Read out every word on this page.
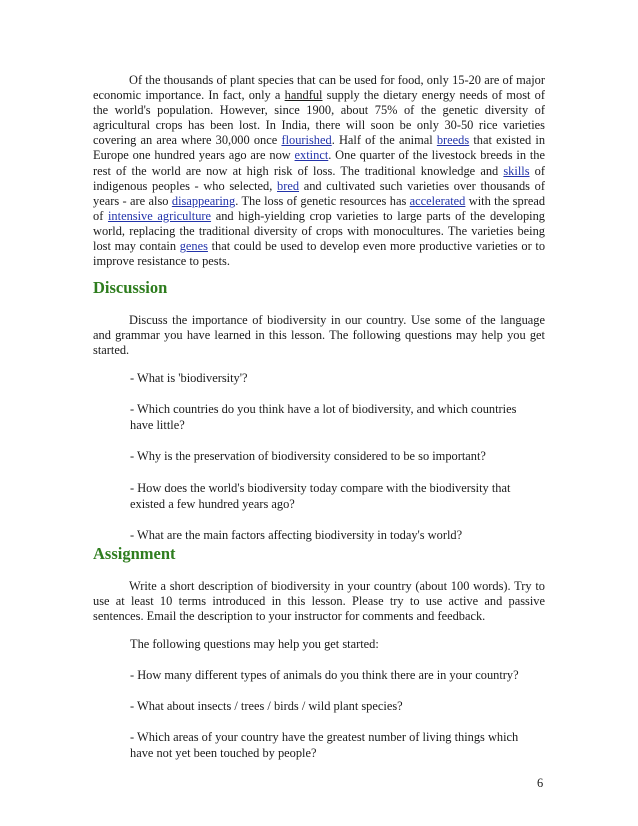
Of the thousands of plant species that can be used for food, only 15-20 are of major economic importance. In fact, only a handful supply the dietary energy needs of most of the world's population. However, since 1900, about 75% of the genetic diversity of agricultural crops has been lost. In India, there will soon be only 30-50 rice varieties covering an area where 30,000 once flourished. Half of the animal breeds that existed in Europe one hundred years ago are now extinct. One quarter of the livestock breeds in the rest of the world are now at high risk of loss. The traditional knowledge and skills of indigenous peoples - who selected, bred and cultivated such varieties over thousands of years - are also disappearing. The loss of genetic resources has accelerated with the spread of intensive agriculture and high-yielding crop varieties to large parts of the developing world, replacing the traditional diversity of crops with monocultures. The varieties being lost may contain genes that could be used to develop even more productive varieties or to improve resistance to pests.

Discussion

Discuss the importance of biodiversity in our country. Use some of the language and grammar you have learned in this lesson. The following questions may help you get started.

- What is 'biodiversity'?

- Which countries do you think have a lot of biodiversity, and which countries have little?

- Why is the preservation of biodiversity considered to be so important?

- How does the world's biodiversity today compare with the biodiversity that existed a few hundred years ago?

- What are the main factors affecting biodiversity in today's world?

Assignment

Write a short description of biodiversity in your country (about 100 words). Try to use at least 10 terms introduced in this lesson. Please try to use active and passive sentences. Email the description to your instructor for comments and feedback.

The following questions may help you get started:

- How many different types of animals do you think there are in your country?

- What about insects / trees / birds / wild plant species?

- Which areas of your country have the greatest number of living things which have not yet been touched by people?

6
